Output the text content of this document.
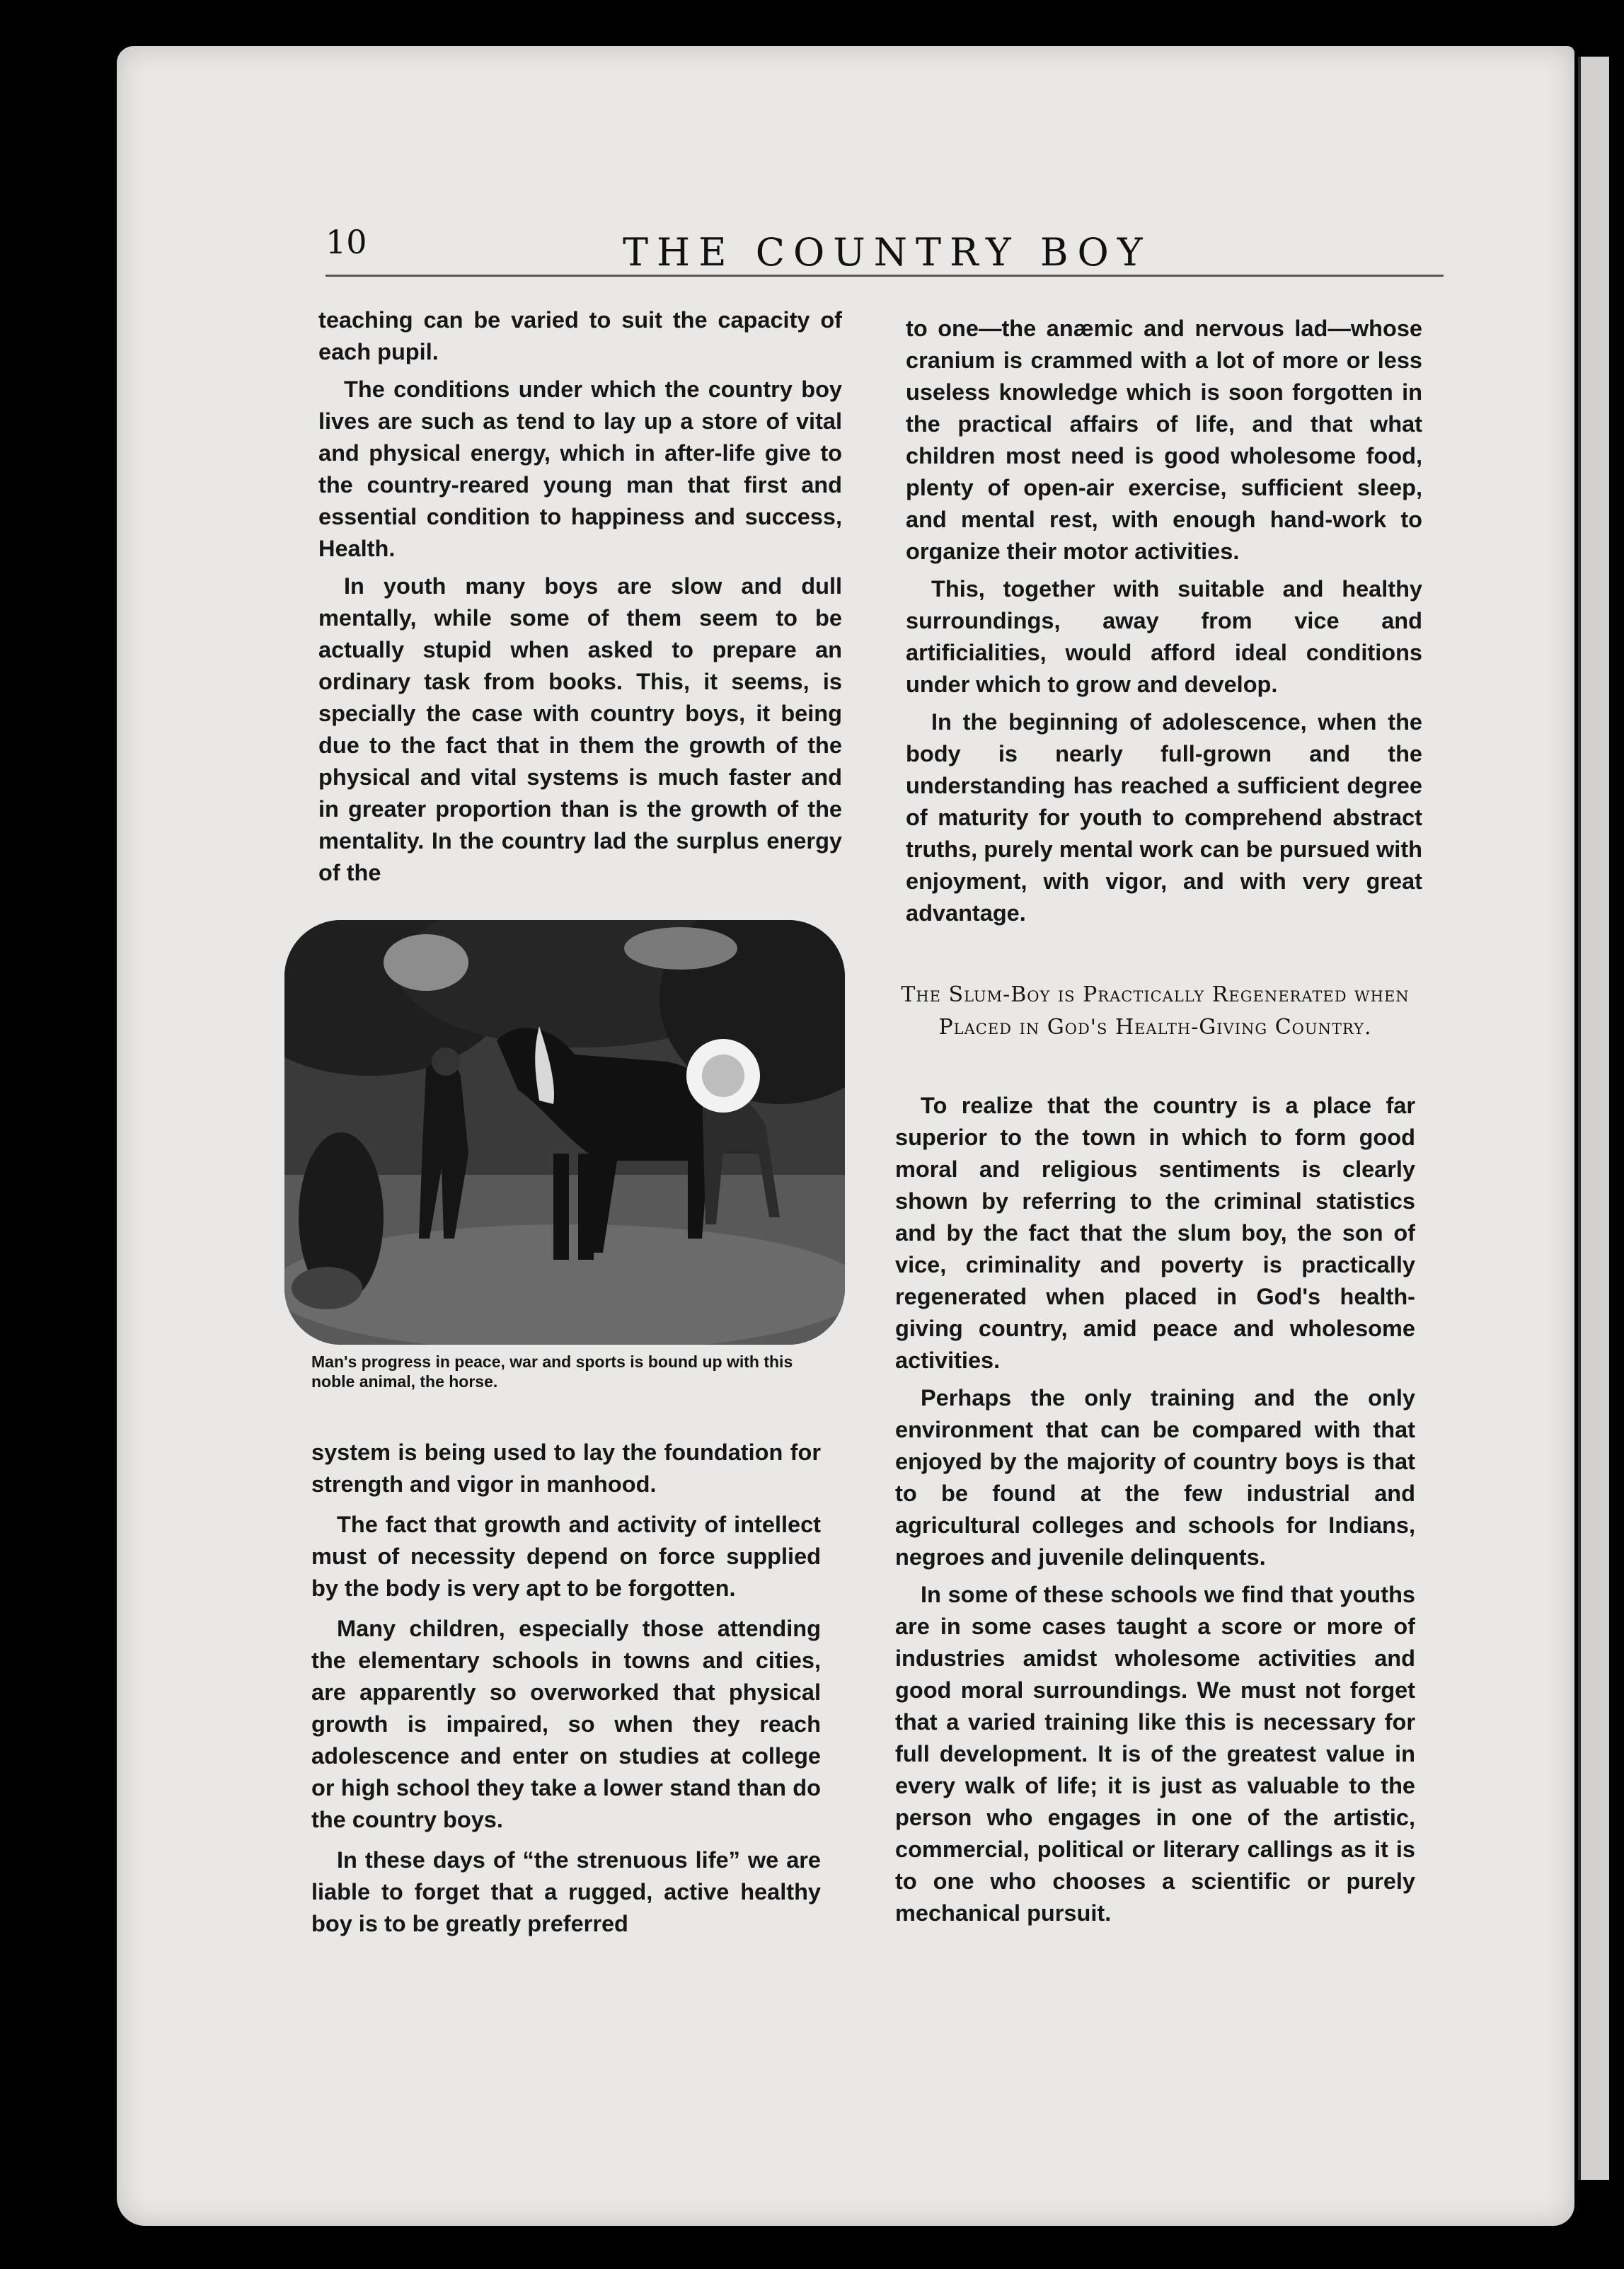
10	THE COUNTRY BOY

teaching can be varied to suit the capacity of each pupil.

The conditions under which the country boy lives are such as tend to lay up a store of vital and physical energy, which in after-life give to the country-reared young man that first and essential condition to happiness and success, Health.

In youth many boys are slow and dull mentally, while some of them seem to be actually stupid when asked to prepare an ordinary task from books. This, it seems, is specially the case with country boys, it being due to the fact that in them the growth of the physical and vital systems is much faster and in greater proportion than is the growth of the mentality. In the country lad the surplus energy of the

Man's progress in peace, war and sports is bound up with this noble animal, the horse.

system is being used to lay the foundation for strength and vigor in manhood.

The fact that growth and activity of intellect must of necessity depend on force supplied by the body is very apt to be forgotten.

Many children, especially those attending the elementary schools in towns and cities, are apparently so overworked that physical growth is impaired, so when they reach adolescence and enter on studies at college or high school they take a lower stand than do the country boys.

In these days of “the strenuous life” we are liable to forget that a rugged, active healthy boy is to be greatly preferred

to one—the anæmic and nervous lad—whose cranium is crammed with a lot of more or less useless knowledge which is soon forgotten in the practical affairs of life, and that what children most need is good wholesome food, plenty of open-air exercise, sufficient sleep, and mental rest, with enough hand-work to organize their motor activities.

This, together with suitable and healthy surroundings, away from vice and artificialities, would afford ideal conditions under which to grow and develop.

In the beginning of adolescence, when the body is nearly full-grown and the understanding has reached a sufficient degree of maturity for youth to comprehend abstract truths, purely mental work can be pursued with enjoyment, with vigor, and with very great advantage.

The Slum-Boy is Practically Regenerated when Placed in God's Health-Giving Country.

To realize that the country is a place far superior to the town in which to form good moral and religious sentiments is clearly shown by referring to the criminal statistics and by the fact that the slum boy, the son of vice, criminality and poverty is practically regenerated when placed in God's health-giving country, amid peace and wholesome activities.

Perhaps the only training and the only environment that can be compared with that enjoyed by the majority of country boys is that to be found at the few industrial and agricultural colleges and schools for Indians, negroes and juvenile delinquents.

In some of these schools we find that youths are in some cases taught a score or more of industries amidst wholesome activities and good moral surroundings. We must not forget that a varied training like this is necessary for full development. It is of the greatest value in every walk of life; it is just as valuable to the person who engages in one of the artistic, commercial, political or literary callings as it is to one who chooses a scientific or purely mechanical pursuit.
